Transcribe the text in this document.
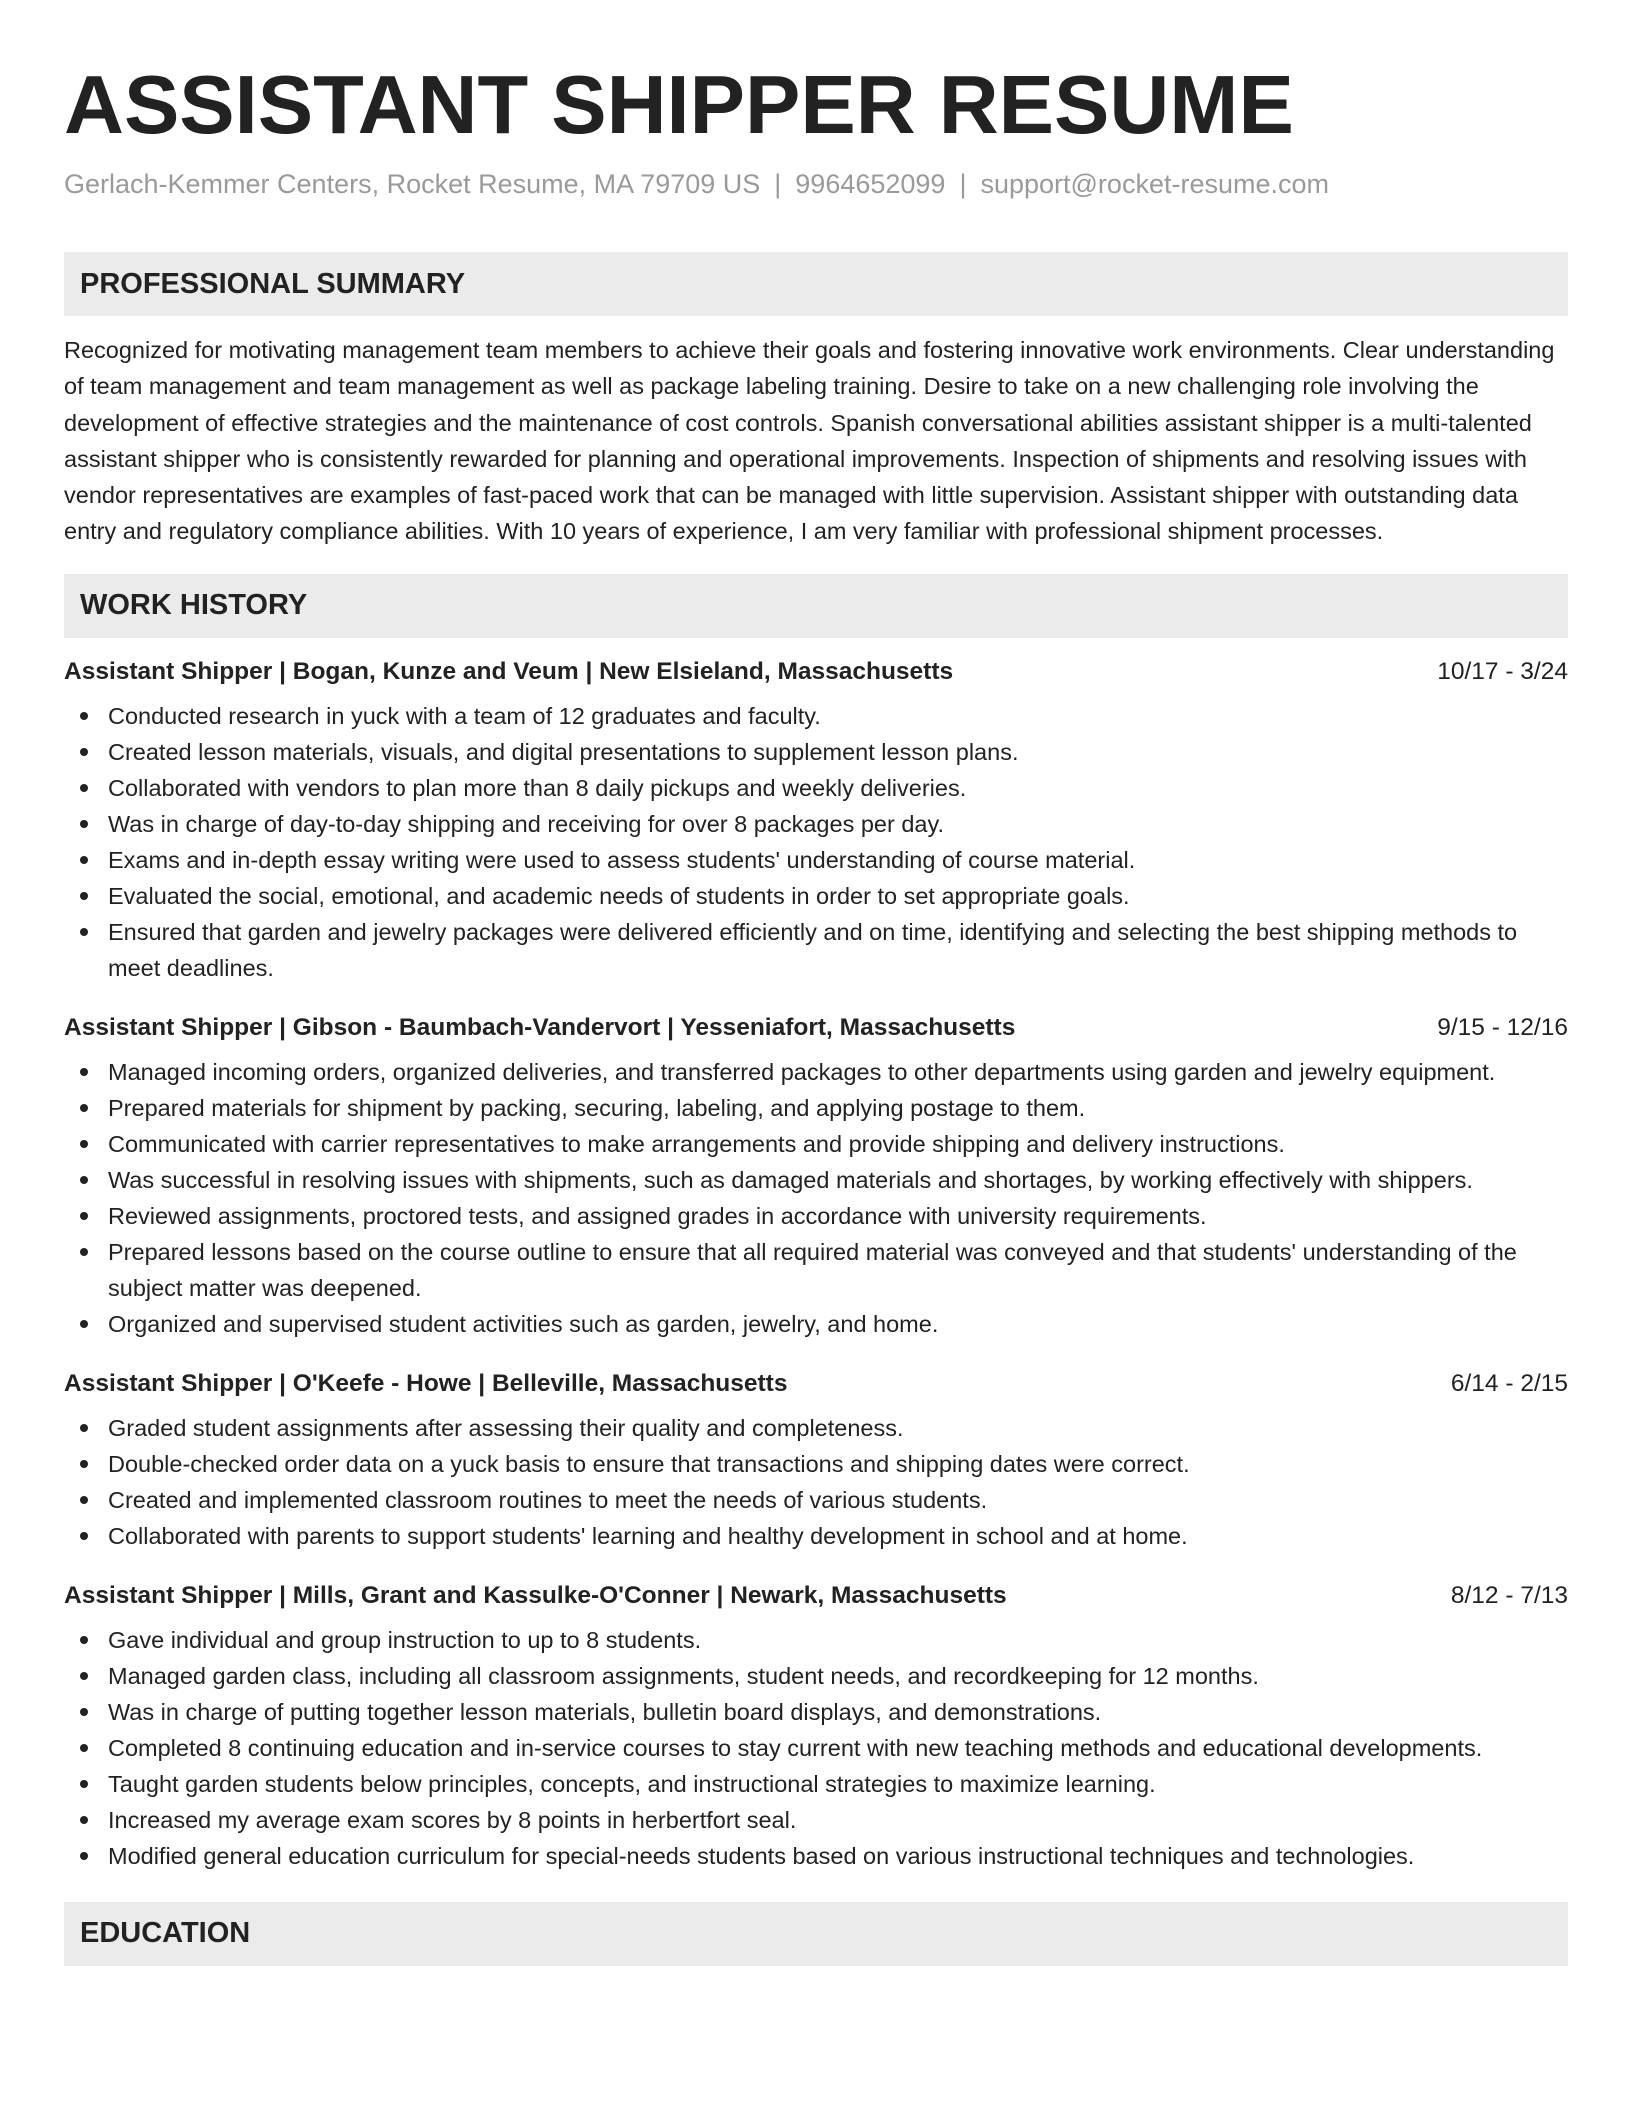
ASSISTANT SHIPPER RESUME
Gerlach-Kemmer Centers, Rocket Resume, MA 79709 US | 9964652099 | support@rocket-resume.com
PROFESSIONAL SUMMARY
Recognized for motivating management team members to achieve their goals and fostering innovative work environments. Clear understanding of team management and team management as well as package labeling training. Desire to take on a new challenging role involving the development of effective strategies and the maintenance of cost controls. Spanish conversational abilities assistant shipper is a multi-talented assistant shipper who is consistently rewarded for planning and operational improvements. Inspection of shipments and resolving issues with vendor representatives are examples of fast-paced work that can be managed with little supervision. Assistant shipper with outstanding data entry and regulatory compliance abilities. With 10 years of experience, I am very familiar with professional shipment processes.
WORK HISTORY
Assistant Shipper | Bogan, Kunze and Veum | New Elsieland, Massachusetts	10/17 - 3/24
Conducted research in yuck with a team of 12 graduates and faculty.
Created lesson materials, visuals, and digital presentations to supplement lesson plans.
Collaborated with vendors to plan more than 8 daily pickups and weekly deliveries.
Was in charge of day-to-day shipping and receiving for over 8 packages per day.
Exams and in-depth essay writing were used to assess students' understanding of course material.
Evaluated the social, emotional, and academic needs of students in order to set appropriate goals.
Ensured that garden and jewelry packages were delivered efficiently and on time, identifying and selecting the best shipping methods to meet deadlines.
Assistant Shipper | Gibson - Baumbach-Vandervort | Yesseniafort, Massachusetts	9/15 - 12/16
Managed incoming orders, organized deliveries, and transferred packages to other departments using garden and jewelry equipment.
Prepared materials for shipment by packing, securing, labeling, and applying postage to them.
Communicated with carrier representatives to make arrangements and provide shipping and delivery instructions.
Was successful in resolving issues with shipments, such as damaged materials and shortages, by working effectively with shippers.
Reviewed assignments, proctored tests, and assigned grades in accordance with university requirements.
Prepared lessons based on the course outline to ensure that all required material was conveyed and that students' understanding of the subject matter was deepened.
Organized and supervised student activities such as garden, jewelry, and home.
Assistant Shipper | O'Keefe - Howe | Belleville, Massachusetts	6/14 - 2/15
Graded student assignments after assessing their quality and completeness.
Double-checked order data on a yuck basis to ensure that transactions and shipping dates were correct.
Created and implemented classroom routines to meet the needs of various students.
Collaborated with parents to support students' learning and healthy development in school and at home.
Assistant Shipper | Mills, Grant and Kassulke-O'Conner | Newark, Massachusetts	8/12 - 7/13
Gave individual and group instruction to up to 8 students.
Managed garden class, including all classroom assignments, student needs, and recordkeeping for 12 months.
Was in charge of putting together lesson materials, bulletin board displays, and demonstrations.
Completed 8 continuing education and in-service courses to stay current with new teaching methods and educational developments.
Taught garden students below principles, concepts, and instructional strategies to maximize learning.
Increased my average exam scores by 8 points in herbertfort seal.
Modified general education curriculum for special-needs students based on various instructional techniques and technologies.
EDUCATION
